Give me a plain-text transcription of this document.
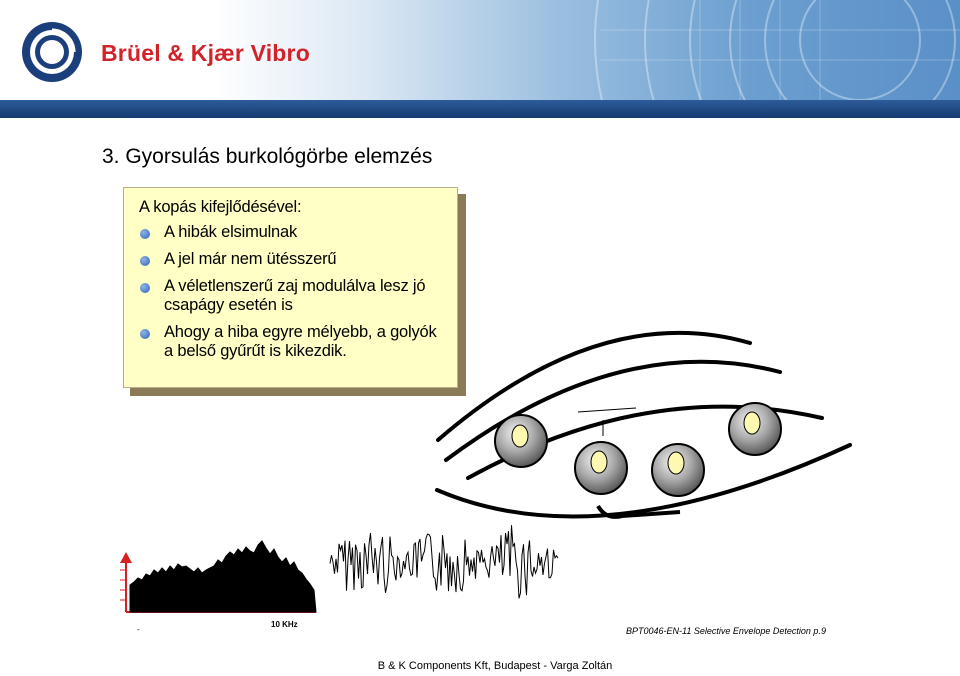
Brüel & Kjær Vibro
3. Gyorsulás burkológörbe elemzés
A kopás kifejlődésével:
A hibák elsimulnak
A jel már nem ütésszerű
A véletlenszerű zaj modulálva lesz jó csapágy esetén is
Ahogy a hiba egyre mélyebb, a golyók a belső gyűrűt is kikezdik.
-
10 KHz
BPT0046-EN-11 Selective Envelope Detection p.9
B & K Components Kft, Budapest - Varga Zoltán
